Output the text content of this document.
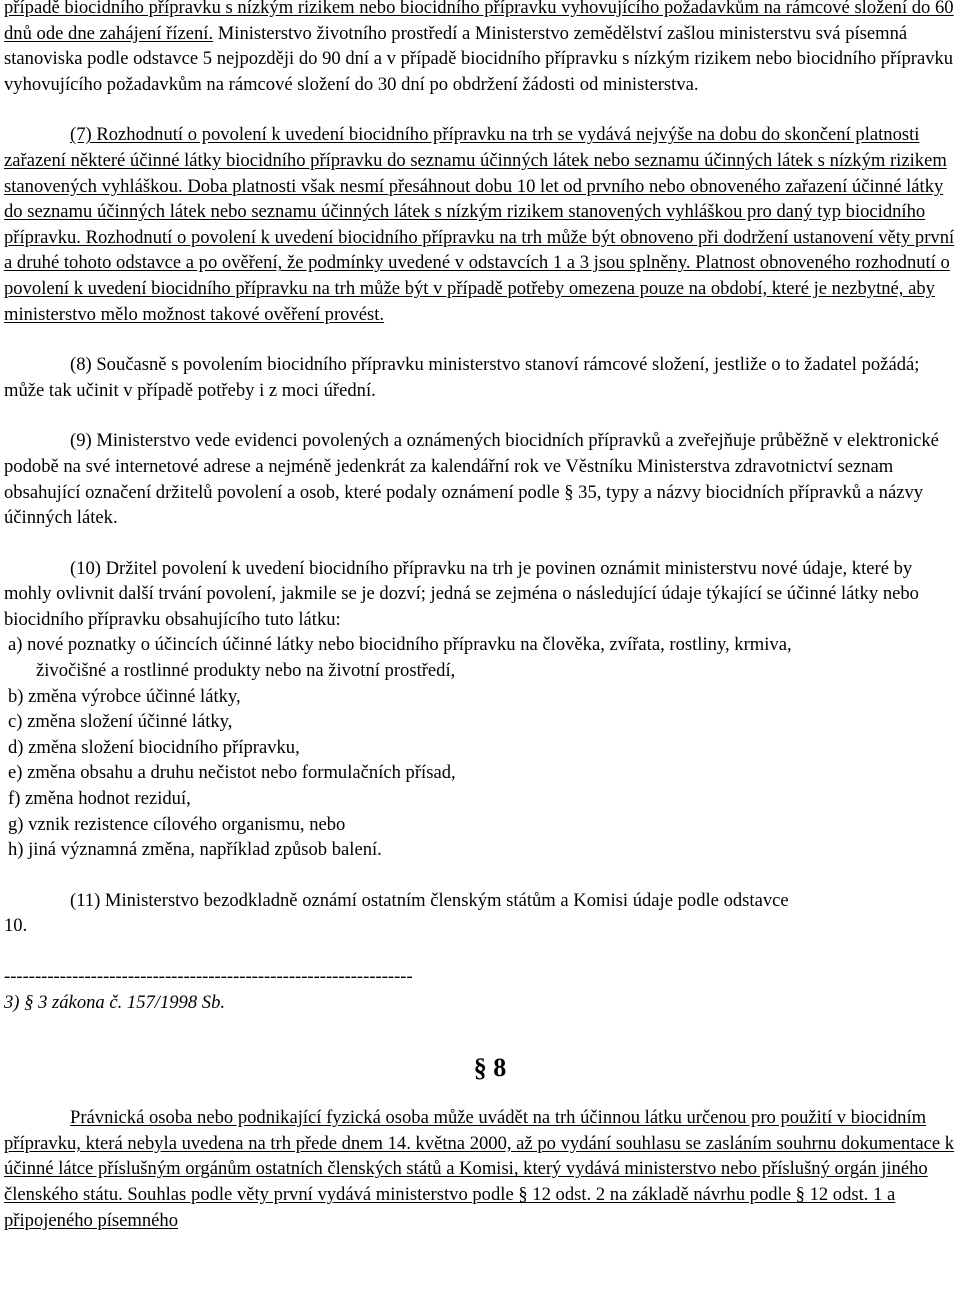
případě biocidního přípravku s nízkým rizikem nebo biocidního přípravku vyhovujícího požadavkům na rámcové složení do 60 dnů ode dne zahájení řízení. Ministerstvo životního prostředí a Ministerstvo zemědělství zašlou ministerstvu svá písemná stanoviska podle odstavce 5 nejpozději do 90 dní a v případě biocidního přípravku s nízkým rizikem nebo biocidního přípravku vyhovujícího požadavkům na rámcové složení do 30 dní po obdržení žádosti od ministerstva.

(7) Rozhodnutí o povolení k uvedení biocidního přípravku na trh se vydává nejvýše na dobu do skončení platnosti zařazení některé účinné látky biocidního přípravku do seznamu účinných látek nebo seznamu účinných látek s nízkým rizikem stanovených vyhláškou. Doba platnosti však nesmí přesáhnout dobu 10 let od prvního nebo obnoveného zařazení účinné látky do seznamu účinných látek nebo seznamu účinných látek s nízkým rizikem stanovených vyhláškou pro daný typ biocidního přípravku. Rozhodnutí o povolení k uvedení biocidního přípravku na trh může být obnoveno při dodržení ustanovení věty první a druhé tohoto odstavce a po ověření, že podmínky uvedené v odstavcích 1 a 3 jsou splněny. Platnost obnoveného rozhodnutí o povolení k uvedení biocidního přípravku na trh může být v případě potřeby omezena pouze na období, které je nezbytné, aby ministerstvo mělo možnost takové ověření provést.

(8) Současně s povolením biocidního přípravku ministerstvo stanoví rámcové složení, jestliže o to žadatel požádá; může tak učinit v případě potřeby i z moci úřední.

(9) Ministerstvo vede evidenci povolených a oznámených biocidních přípravků a zveřejňuje průběžně v elektronické podobě na své internetové adrese a nejméně jedenkrát za kalendářní rok ve Věstníku Ministerstva zdravotnictví seznam obsahující označení držitelů povolení a osob, které podaly oznámení podle § 35, typy a názvy biocidních přípravků a názvy účinných látek.

(10) Držitel povolení k uvedení biocidního přípravku na trh je povinen oznámit ministerstvu nové údaje, které by mohly ovlivnit další trvání povolení, jakmile se je dozví; jedná se zejména o následující údaje týkající se účinné látky nebo biocidního přípravku obsahujícího tuto látku:

a) nové poznatky o účincích účinné látky nebo biocidního přípravku na člověka, zvířata, rostliny, krmiva,
živočišné a rostlinné produkty nebo na životní prostředí,
b) změna výrobce účinné látky,
c) změna složení účinné látky,
d) změna složení biocidního přípravku,
e) změna obsahu a druhu nečistot nebo formulačních přísad,
f) změna hodnot reziduí,
g) vznik rezistence cílového organismu, nebo
h) jiná významná změna, například způsob balení.

(11) Ministerstvo bezodkladně oznámí ostatním členským státům a Komisi údaje podle odstavce

10.

------------------------------------------------------------------

3) § 3 zákona č. 157/1998 Sb.

§ 8

Právnická osoba nebo podnikající fyzická osoba může uvádět na trh účinnou látku určenou pro použití v biocidním přípravku, která nebyla uvedena na trh přede dnem 14. května 2000, až po vydání souhlasu se zasláním souhrnu dokumentace k účinné látce příslušným orgánům ostatních členských států a Komisi, který vydává ministerstvo nebo příslušný orgán jiného členského státu. Souhlas podle věty první vydává ministerstvo podle § 12 odst. 2 na základě návrhu podle § 12 odst. 1 a připojeného písemného
